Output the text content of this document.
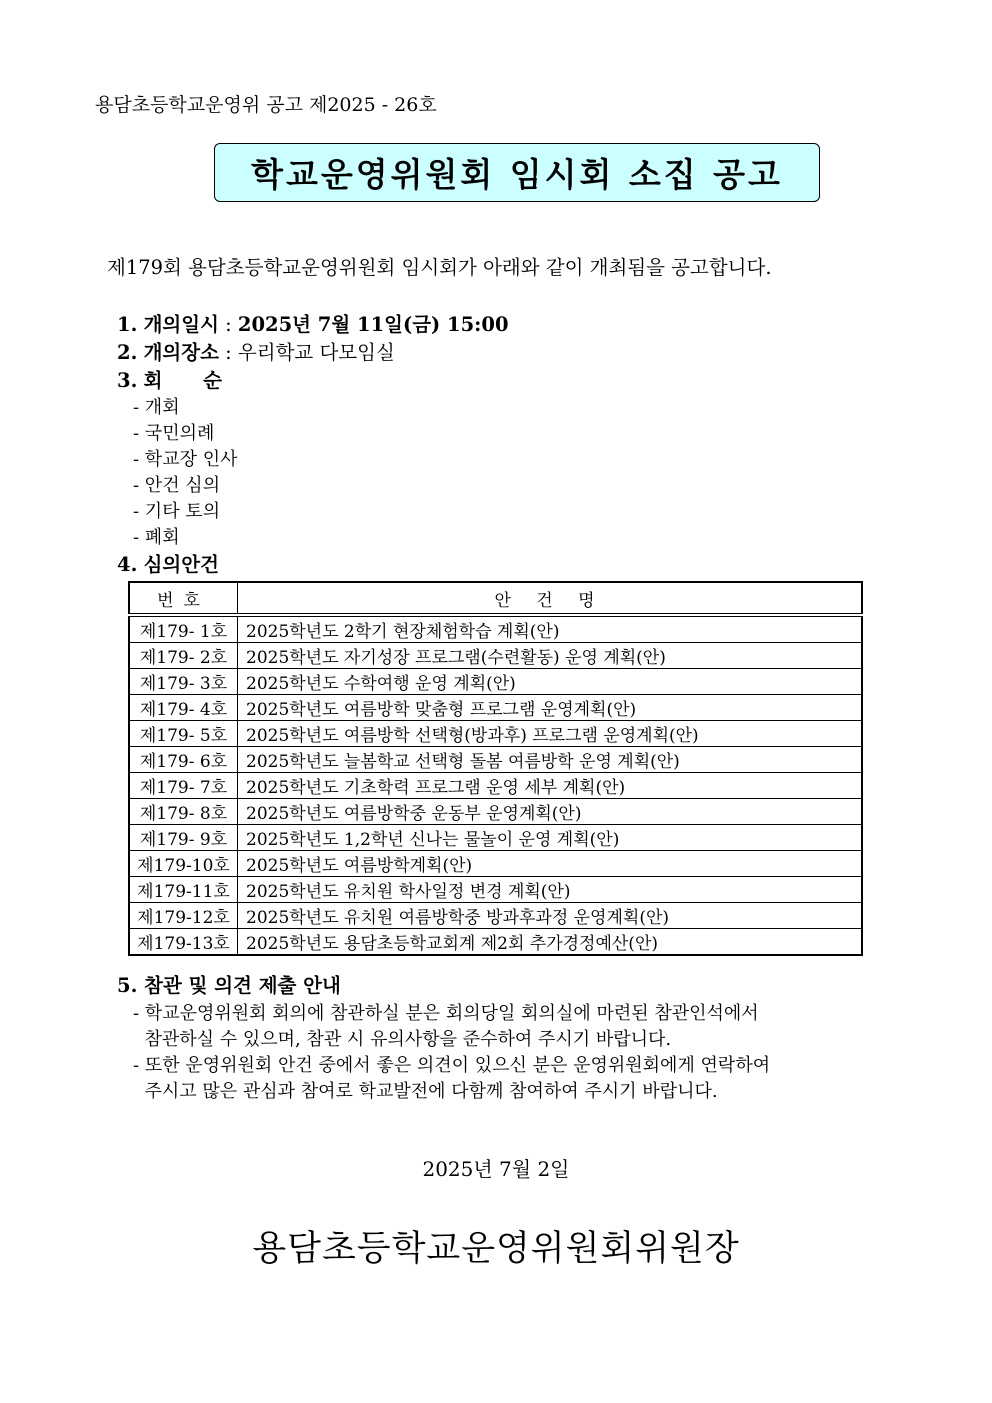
용담초등학교운영위 공고 제2025 - 26호
학교운영위원회 임시회 소집 공고
제179회 용담초등학교운영위원회 임시회가 아래와 같이 개최됨을 공고합니다.
1. 개의일시 : 2025년 7월 11일(금) 15:00
2. 개의장소 : 우리학교 다모임실
3. 회      순
- 개회
- 국민의례
- 학교장 인사
- 안건 심의
- 기타 토의
- 폐회
4. 심의안건
번호	안 건 명
제179- 1호	2025학년도 2학기 현장체험학습 계획(안)
제179- 2호	2025학년도 자기성장 프로그램(수련활동) 운영 계획(안)
제179- 3호	2025학년도 수학여행 운영 계획(안)
제179- 4호	2025학년도 여름방학 맞춤형 프로그램 운영계획(안)
제179- 5호	2025학년도 여름방학 선택형(방과후) 프로그램 운영계획(안)
제179- 6호	2025학년도 늘봄학교 선택형 돌봄 여름방학 운영 계획(안)
제179- 7호	2025학년도 기초학력 프로그램 운영 세부 계획(안)
제179- 8호	2025학년도 여름방학중 운동부 운영계획(안)
제179- 9호	2025학년도 1,2학년 신나는 물놀이 운영 계획(안)
제179-10호	2025학년도 여름방학계획(안)
제179-11호	2025학년도 유치원 학사일정 변경 계획(안)
제179-12호	2025학년도 유치원 여름방학중 방과후과정 운영계획(안)
제179-13호	2025학년도 용담초등학교회계 제2회 추가경정예산(안)
5. 참관 및 의견 제출 안내
- 학교운영위원회 회의에 참관하실 분은 회의당일 회의실에 마련된 참관인석에서
참관하실 수 있으며, 참관 시 유의사항을 준수하여 주시기 바랍니다.
- 또한 운영위원회 안건 중에서 좋은 의견이 있으신 분은 운영위원회에게 연락하여
주시고 많은 관심과 참여로 학교발전에 다함께 참여하여 주시기 바랍니다.
2025년 7월 2일
용담초등학교운영위원회위원장
